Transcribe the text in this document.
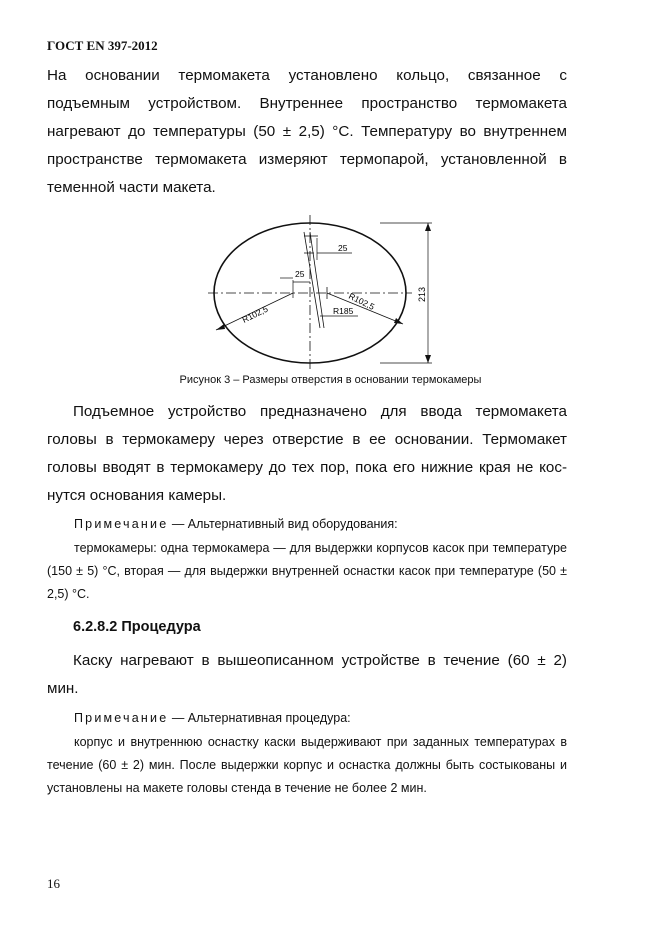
ГОСТ EN 397-2012
На основании термомакета установлено кольцо, связанное с подъемным устройством. Внутреннее пространство термомакета нагревают до температуры (50 ± 2,5) °С. Температуру во внутреннем пространстве термомакета измеряют термопарой, установленной в теменной части макета.
213
25
25
R185
R102,5
R102,5
Рисунок 3 – Размеры отверстия в основании термокамеры
Подъемное устройство предназначено для ввода термомакета головы в термокамеру через отверстие в ее основании. Термомакет головы вводят в термокамеру до тех пор, пока его нижние края не кос-нутся основания камеры.
Примечание — Альтернативный вид оборудования:
термокамеры: одна термокамера — для выдержки корпусов касок при температуре (150 ± 5) °С, вторая — для выдержки внутренней оснастки касок при температуре (50 ± 2,5) °С.
6.2.8.2 Процедура
Каску нагревают в вышеописанном устройстве в течение (60 ± 2) мин.
Примечание — Альтернативная процедура:
корпус и внутреннюю оснастку каски выдерживают при заданных температурах в течение (60 ± 2) мин. После выдержки корпус и оснастка должны быть состыкованы и установлены на макете головы стенда в течение не более 2 мин.
16
